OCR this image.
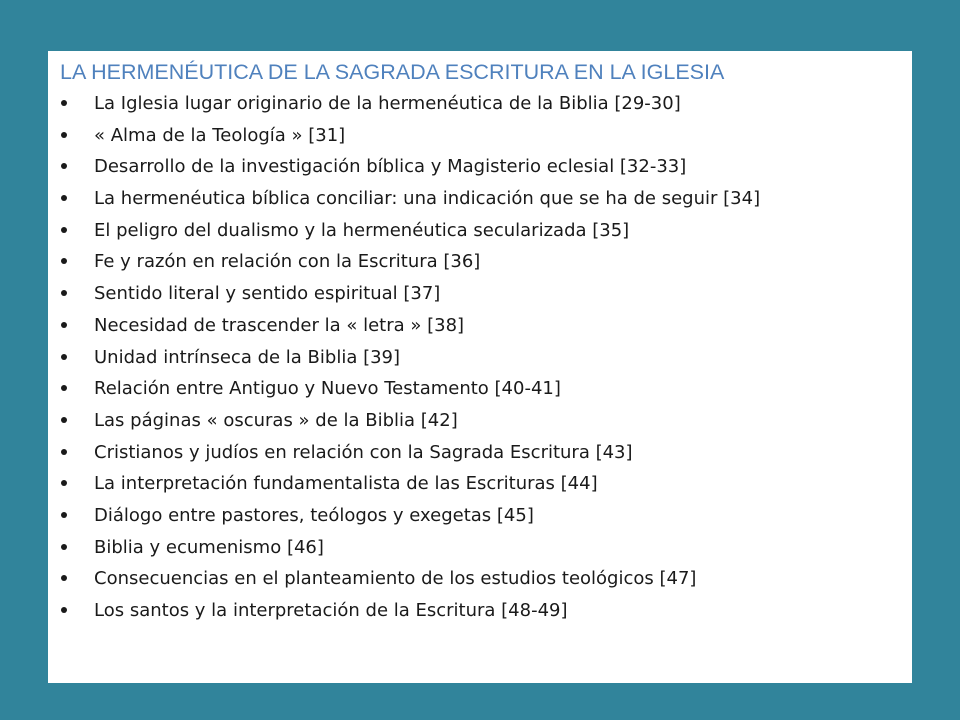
LA HERMENÉUTICA DE LA SAGRADA ESCRITURA EN LA IGLESIA
La Iglesia lugar originario de la hermenéutica de la Biblia [29-30]
« Alma de la Teología » [31]
Desarrollo de la investigación bíblica y Magisterio eclesial [32-33]
La hermenéutica bíblica conciliar: una indicación que se ha de seguir [34]
El peligro del dualismo y la hermenéutica secularizada [35]
Fe y razón en relación con la Escritura [36]
Sentido literal y sentido espiritual [37]
Necesidad de trascender la « letra » [38]
Unidad intrínseca de la Biblia [39]
Relación entre Antiguo y Nuevo Testamento [40-41]
Las páginas « oscuras » de la Biblia [42]
Cristianos y judíos en relación con la Sagrada Escritura [43]
La interpretación fundamentalista de las Escrituras [44]
Diálogo entre pastores, teólogos y exegetas [45]
Biblia y ecumenismo [46]
Consecuencias en el planteamiento de los estudios teológicos [47]
Los santos y la interpretación de la Escritura [48-49]
